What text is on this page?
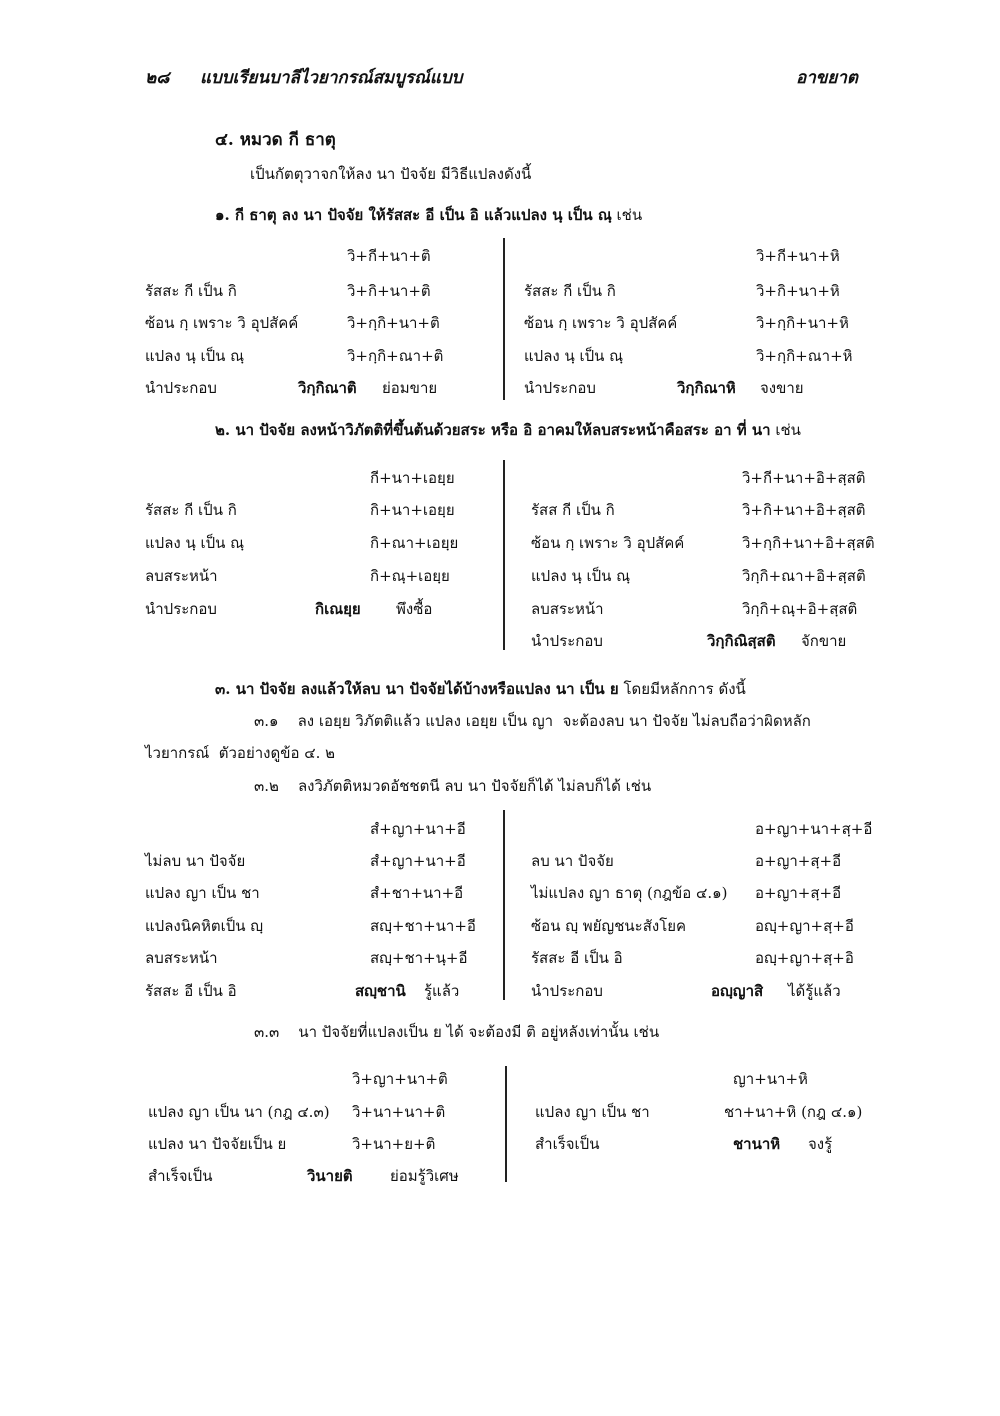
๒๘ แบบเรียนบาลีไวยากรณ์สมบูรณ์แบบ	อาขยาต
๔. หมวด กี ธาตุ
เป็นกัตตุวาจกให้ลง นา ปัจจัย มีวิธีแปลงดังนี้
๑. กี ธาตุ ลง นา ปัจจัย ให้รัสสะ อี เป็น อิ แล้วแปลง นฺ เป็น ณฺ เช่น
วิ+กี+นา+ติ
รัสสะ กี เป็น กิ	วิ+กิ+นา+ติ
ซ้อน กฺ เพราะ วิ อุปสัคค์	วิ+กฺกิ+นา+ติ
แปลง นฺ เป็น ณฺ	วิ+กฺกิ+ณา+ติ
นำประกอบ	วิกฺกิณาติ ย่อมขาย
วิ+กี+นา+หิ
รัสสะ กี เป็น กิ	วิ+กิ+นา+หิ
ซ้อน กฺ เพราะ วิ อุปสัคค์	วิ+กฺกิ+นา+หิ
แปลง นฺ เป็น ณฺ	วิ+กฺกิ+ณา+หิ
นำประกอบ	วิกฺกิณาหิ จงขาย
๒. นา ปัจจัย ลงหน้าวิภัตติที่ขึ้นต้นด้วยสระ หรือ อิ อาคมให้ลบสระหน้าคือสระ อา ที่ นา เช่น
กี+นา+เอยฺย
รัสสะ กี เป็น กิ	กิ+นา+เอยฺย
แปลง นฺ เป็น ณฺ	กิ+ณา+เอยฺย
ลบสระหน้า	กิ+ณฺ+เอยฺย
นำประกอบ	กิเณยฺย พึงซื้อ
วิ+กี+นา+อิ+สฺสติ
รัสส กี เป็น กิ	วิ+กิ+นา+อิ+สฺสติ
ซ้อน กฺ เพราะ วิ อุปสัคค์	วิ+กฺกิ+นา+อิ+สฺสติ
แปลง นฺ เป็น ณฺ	วิกฺกิ+ณา+อิ+สฺสติ
ลบสระหน้า	วิกฺกิ+ณฺ+อิ+สฺสติ
นำประกอบ	วิกฺกิณิสฺสติ จักขาย
๓. นา ปัจจัย ลงแล้วให้ลบ นา ปัจจัยได้บ้างหรือแปลง นา เป็น ย โดยมีหลักการ ดังนี้
๓.๑    ลง เอยฺย วิภัตติแล้ว แปลง เอยฺย เป็น ญา  จะต้องลบ นา ปัจจัย ไม่ลบถือว่าผิดหลัก
ไวยากรณ์  ตัวอย่างดูข้อ ๔. ๒
๓.๒    ลงวิภัตติหมวดอัชชตนี ลบ นา ปัจจัยก็ได้ ไม่ลบก็ได้ เช่น
สํ+ญา+นา+อี
ไม่ลบ นา ปัจจัย	สํ+ญา+นา+อี
แปลง ญา เป็น ชา	สํ+ชา+นา+อี
แปลงนิคหิตเป็น ญฺ	สญฺ+ชา+นา+อี
ลบสระหน้า	สญฺ+ชา+นฺ+อี
รัสสะ อี เป็น อิ	สญฺชานิ รู้แล้ว
อ+ญา+นา+สฺ+อี
ลบ นา ปัจจัย	อ+ญา+สฺ+อี
ไม่แปลง ญา ธาตุ (กฎข้อ ๔.๑) อ+ญา+สฺ+อี
ซ้อน ญฺ พยัญชนะสังโยค	อญฺ+ญา+สฺ+อี
รัสสะ อี เป็น อิ	อญฺ+ญา+สฺ+อิ
นำประกอบ	อญฺญาสิ ได้รู้แล้ว
๓.๓    นา ปัจจัยที่แปลงเป็น ย ได้ จะต้องมี ติ อยู่หลังเท่านั้น เช่น
วิ+ญา+นา+ติ
แปลง ญา เป็น นา (กฎ ๔.๓) วิ+นา+นา+ติ
แปลง นา ปัจจัยเป็น ย	วิ+นา+ย+ติ
สำเร็จเป็น	วินายติ ย่อมรู้วิเศษ
ญา+นา+หิ
แปลง ญา เป็น ชา	ชา+นา+หิ (กฎ ๔.๑)
สำเร็จเป็น	ชานาหิ จงรู้
